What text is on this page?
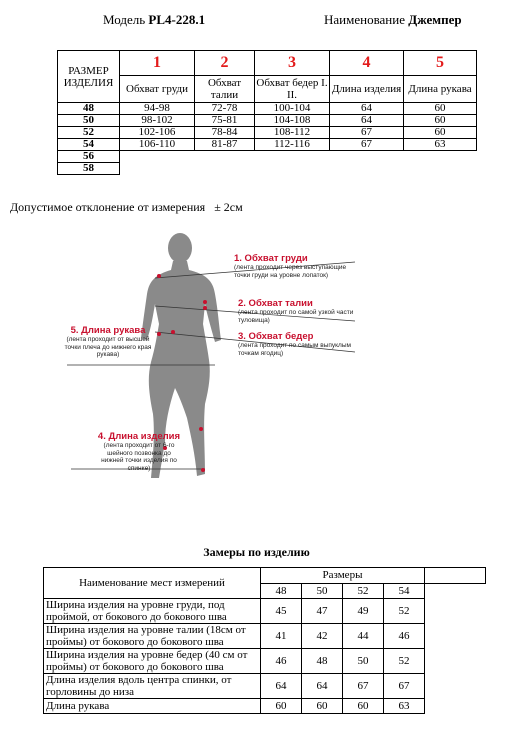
Модель PL4-228.1	Наименование Джемпер
РАЗМЕР ИЗДЕЛИЯ	1	2	3	4	5
	Обхват груди	Обхват талии	Обхват бедер I. II.	Длина изделия	Длина рукава
48	94-98	72-78	100-104	64	60
50	98-102	75-81	104-108	64	60
52	102-106	78-84	108-112	67	60
54	106-110	81-87	112-116	67	63
56					
58					
Допустимое отклонение от измерения ± 2см
1. Обхват груди
(лента проходит через выступающие точки груди на уровне лопаток)
2. Обхват талии
(лента проходит по самой узкой части туловища)
3. Обхват бедер
(лента проходит по самым выпуклым точкам ягодиц)
5. Длина рукава
(лента проходит от высшей точки плеча до нижнего края рукава)
4. Длина изделия
(лента проходит от 6-го шейного позвонка до нижней точки изделия по спинке)
Замеры по изделию
Наименование мест измерений	Размеры				
	48	50	52	54	
Ширина изделия на уровне груди, под проймой, от бокового до бокового шва	45	47	49	52	
Ширина изделия на уровне талии (18см от проймы) от бокового до бокового шва	41	42	44	46	
Ширина изделия на уровне бедер (40 см от проймы) от бокового до бокового шва	46	48	50	52	
Длина изделия вдоль центра спинки, от горловины до низа	64	64	67	67	
Длина рукава	60	60	60	63	
